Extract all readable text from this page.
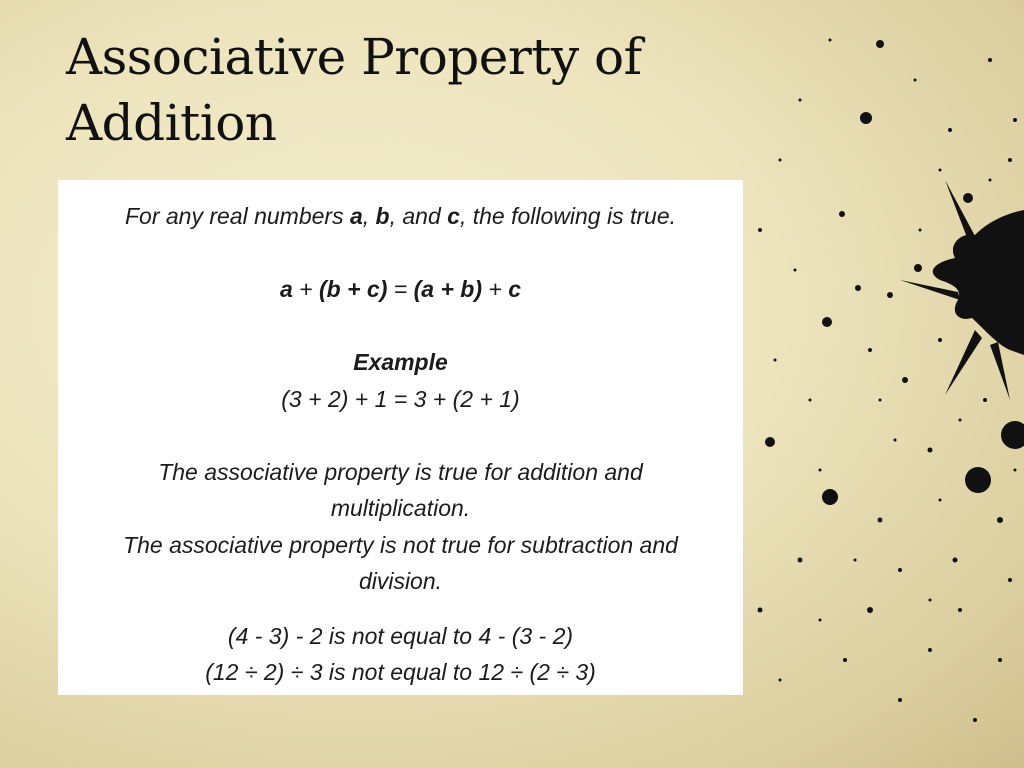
Associative Property of
Addition

For any real numbers a, b, and c, the following is true.

a + (b + c) = (a + b) + c

Example

(3 + 2) + 1 = 3 + (2 + 1)

The associative property is true for addition and

multiplication.

The associative property is not true for subtraction and

division.

(4 - 3) - 2 is not equal to 4 - (3 - 2)

(12 ÷ 2) ÷ 3 is not equal to 12 ÷ (2 ÷ 3)
